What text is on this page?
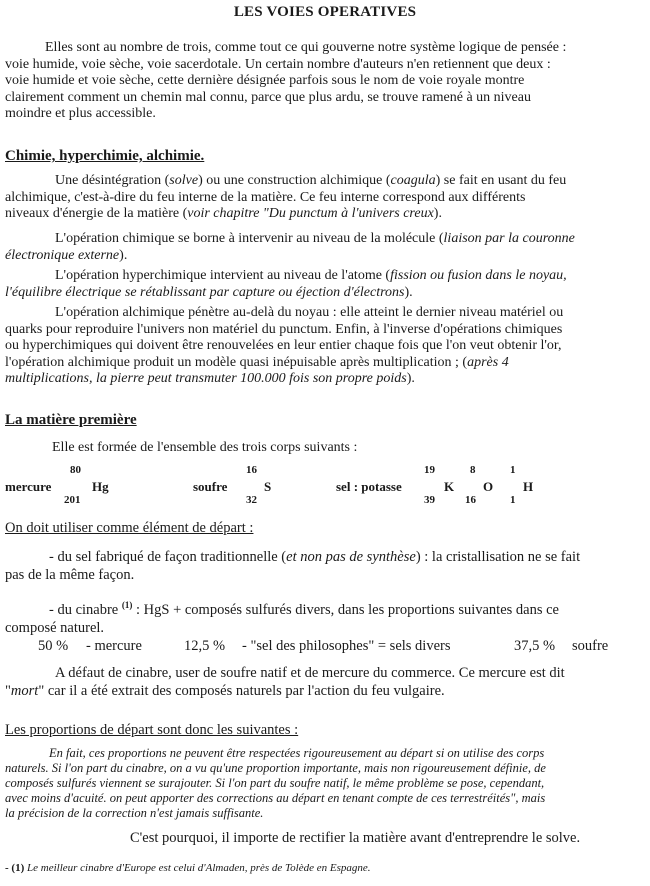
LES VOIES OPERATIVES
Elles sont au nombre de trois, comme tout ce qui gouverne notre système logique de pensée :
voie humide, voie sèche, voie sacerdotale. Un certain nombre d'auteurs n'en retiennent que deux :
voie humide et voie sèche, cette dernière désignée parfois sous le nom de voie royale montre
clairement comment un chemin mal connu, parce que plus ardu, se trouve ramené à un niveau
moindre et plus accessible.
Chimie, hyperchimie, alchimie.
Une désintégration (solve) ou une construction alchimique (coagula) se fait en usant du feu
alchimique, c'est-à-dire du feu interne de la matière. Ce feu interne correspond aux différents
niveaux d'énergie de la matière (voir chapitre "Du punctum à l'univers creux).
L'opération chimique se borne à intervenir au niveau de la molécule (liaison par la couronne
électronique externe).
L'opération hyperchimique intervient au niveau de l'atome (fission ou fusion dans le noyau,
l'équilibre électrique se rétablissant par capture ou éjection d'électrons).
L'opération alchimique pénètre au-delà du noyau : elle atteint le dernier niveau matériel ou
quarks pour reproduire l'univers non matériel du punctum. Enfin, à l'inverse d'opérations chimiques
ou hyperchimiques qui doivent être renouvelées en leur entier chaque fois que l'on veut obtenir l'or,
l'opération alchimique produit un modèle quasi inépuisable après multiplication ; (après 4
multiplications, la pierre peut transmuter 100.000 fois son propre poids).
La matière première
Elle est formée de l'ensemble des trois corps suivants :
mercure
80
Hg
201
soufre
16
S
32
sel : potasse
19
K
39
8
O
16
1
H
1
On doit utiliser comme élément de départ :
- du sel fabriqué de façon traditionnelle (et non pas de synthèse) : la cristallisation ne se fait
pas de la même façon.
- du cinabre $^{(1)}$ : HgS + composés sulfurés divers, dans les proportions suivantes dans ce
composé naturel.
50 % - mercure	12,5 % - "sel des philosophes" = sels divers	37,5 % soufre
A défaut de cinabre, user de soufre natif et de mercure du commerce. Ce mercure est dit
"mort" car il a été extrait des composés naturels par l'action du feu vulgaire.
Les proportions de départ sont donc les suivantes :
En fait, ces proportions ne peuvent être respectées rigoureusement au départ si on utilise des corps
naturels. Si l'on part du cinabre, on a vu qu'une proportion importante, mais non rigoureusement définie, de
composés sulfurés viennent se surajouter. Si l'on part du soufre natif, le même problème se pose, cependant,
avec moins d'acuité. on peut apporter des corrections au départ en tenant compte de ces terrestréités", mais
la précision de la correction n'est jamais suffisante.
C'est pourquoi, il importe de rectifier la matière avant d'entreprendre le solve.
- (1) Le meilleur cinabre d'Europe est celui d'Almaden, près de Tolède en Espagne.
